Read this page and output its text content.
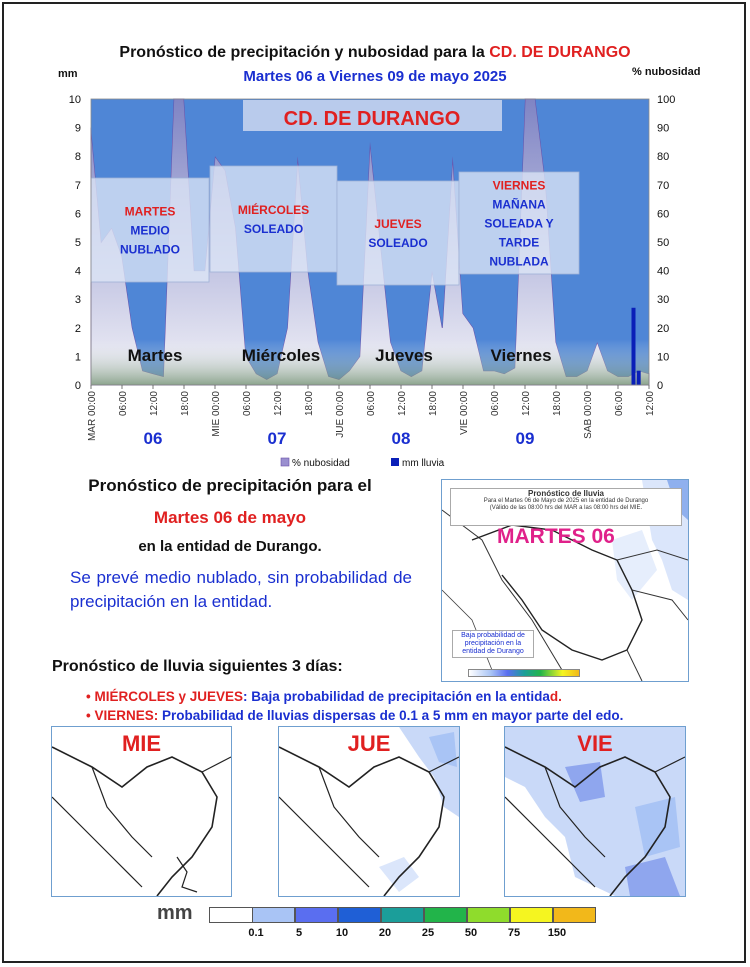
Pronóstico de precipitación y nubosidad para la CD. DE DURANGO
Martes 06 a Viernes 09 de mayo 2025
mm	% nubosidad
CD. DE DURANGO
MARTES
MEDIO
NUBLADO
MIÉRCOLES
SOLEADO	JUEVES
SOLEADO
VIERNES
MAÑANA
SOLEADA Y
TARDE
NUBLADA
Martes	Miércoles	Jueves	Viernes
0
1
2
3
4
5
6
7
8
9
10
0
10
20
30
40
50
60
70
80
90
100
MAR 00:00 06:00 12:00 18:00 MIE 00:00 06:00 12:00 18:00 JUE 00:00 06:00 12:00 18:00 VIE 00:00 06:00 12:00 18:00 SAB 00:00 06:00 12:00
06	07	08	09
% nubosidad	mm lluvia
Pronóstico de precipitación para el
Martes 06 de mayo
en la entidad de Durango.
Se prevé medio nublado, sin probabilidad de precipitación en la entidad.
Pronóstico de lluvia
Para el Martes 06 de Mayo de 2025 en la entidad de Durango
(Válido de las 08:00 hrs del MAR a las 08:00 hrs del MIE.
MARTES 06
Baja probabilidad de precipitación en la entidad de Durango
Pronóstico de lluvia siguientes 3 días:
• MIÉRCOLES y JUEVES: Baja probabilidad de precipitación en la entidad.
• VIERNES: Probabilidad de lluvias dispersas de 0.1 a 5 mm en mayor parte del edo.
MIE	JUE	VIE
mm
0.1	5	10	20	25	50	75	150
